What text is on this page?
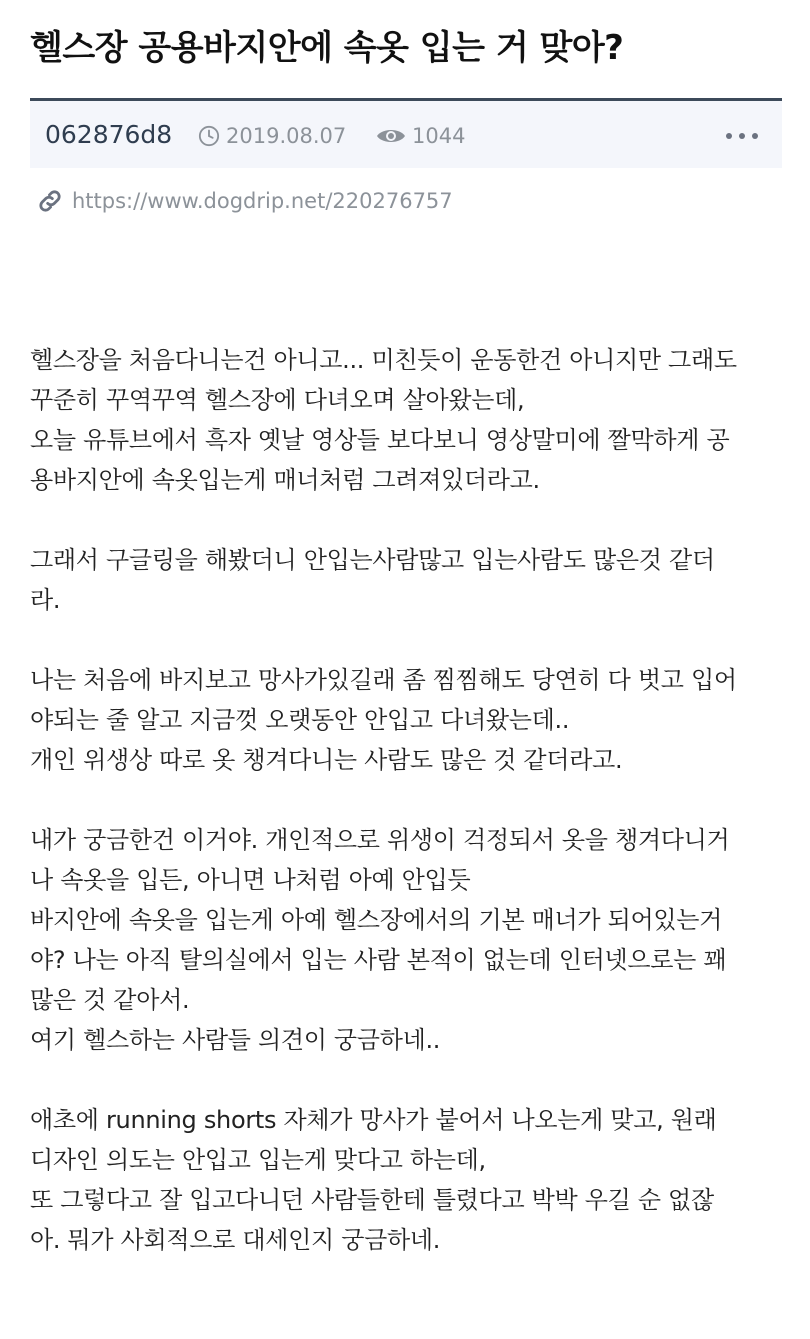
헬스장 공용바지안에 속옷 입는 거 맞아?
062876d8	2019.08.07	1044
https://www.dogdrip.net/220276757
헬스장을 처음다니는건 아니고... 미친듯이 운동한건 아니지만 그래도
꾸준히 꾸역꾸역 헬스장에 다녀오며 살아왔는데,
오늘 유튜브에서 흑자 옛날 영상들 보다보니 영상말미에 짤막하게 공
용바지안에 속옷입는게 매너처럼 그려져있더라고.
그래서 구글링을 해봤더니 안입는사람많고 입는사람도 많은것 같더
라.
나는 처음에 바지보고 망사가있길래 좀 찜찜해도 당연히 다 벗고 입어
야되는 줄 알고 지금껏 오랫동안 안입고 다녀왔는데..
개인 위생상 따로 옷 챙겨다니는 사람도 많은 것 같더라고.
내가 궁금한건 이거야. 개인적으로 위생이 걱정되서 옷을 챙겨다니거
나 속옷을 입든, 아니면 나처럼 아예 안입듯
바지안에 속옷을 입는게 아예 헬스장에서의 기본 매너가 되어있는거
야? 나는 아직 탈의실에서 입는 사람 본적이 없는데 인터넷으로는 꽤
많은 것 같아서.
여기 헬스하는 사람들 의견이 궁금하네..
애초에 running shorts 자체가 망사가 붙어서 나오는게 맞고, 원래
디자인 의도는 안입고 입는게 맞다고 하는데,
또 그렇다고 잘 입고다니던 사람들한테 틀렸다고 박박 우길 순 없잖
아. 뭐가 사회적으로 대세인지 궁금하네.
